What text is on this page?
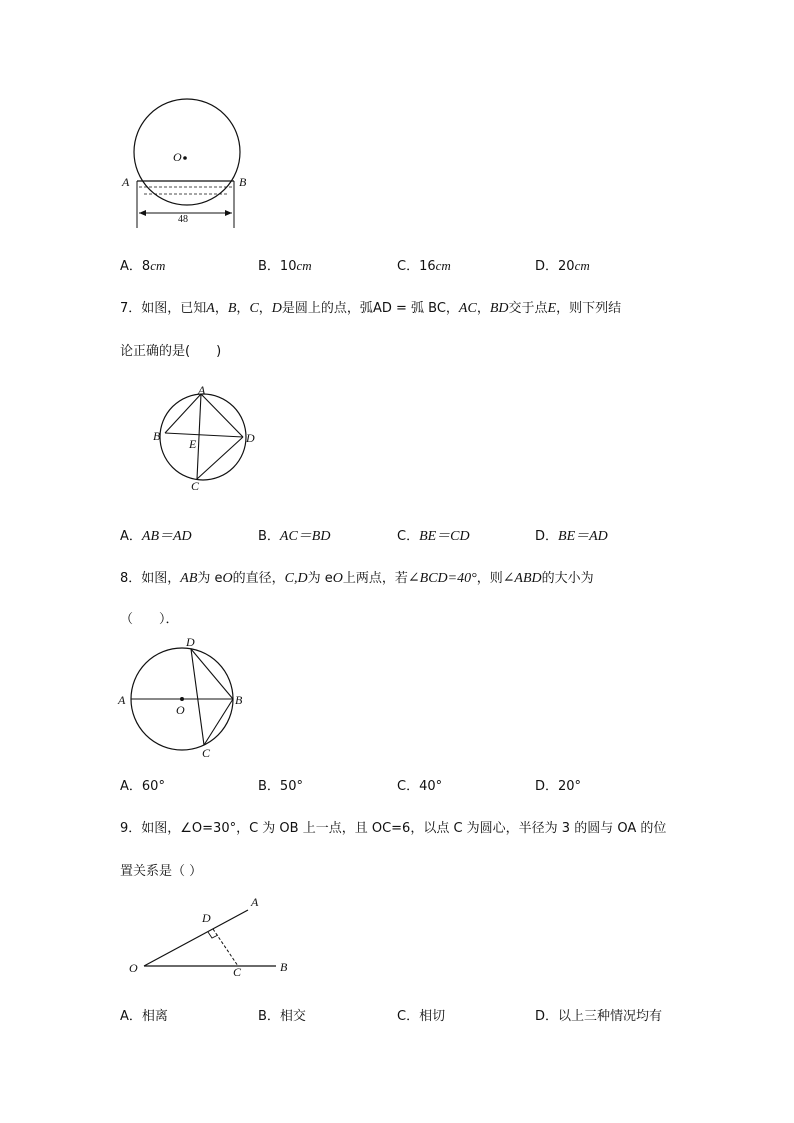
O
A	B
48
A．8cm	B．10cm	C．16cm	D．20cm
7．如图，已知A，B，C，D是圆上的点，弧AD = 弧 BC，AC，BD交于点E，则下列结
论正确的是(　　)
A
B	D
E
C
A．AB＝AD	B．AC＝BD	C．BE＝CD	D．BE＝AD
8．如图，AB为 eO的直径，C,D为 eO上两点，若∠BCD=40°，则∠ABD的大小为
（　　）．
D
A	B
O
C
A．60°	B．50°	C．40°	D．20°
9．如图，∠O=30°，C 为 OB 上一点，且 OC=6，以点 C 为圆心，半径为 3 的圆与 OA 的位
置关系是（ ）
A
D
O	C	B
A．相离	B．相交	C．相切	D．以上三种情况均有
